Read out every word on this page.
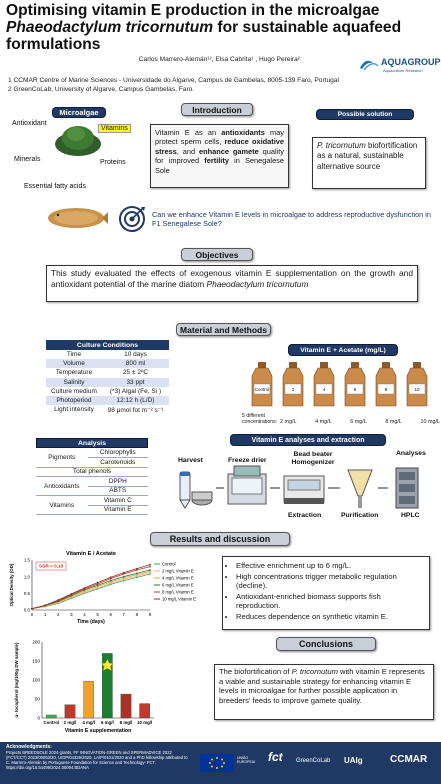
Optimising vitamin E production in the microalgae
Phaeodactylum tricornutum for sustainable aquafeed
formulations
Carlos Marrero-Alemán¹², Elsa Cabrita¹ , Hugo Pereira²	AQUAGROUP
Aquaculture Research
1 CCMAR Centre of Marine Sciences - Universidade do Algarve, Campus de Gambelas, 8005-139 Faro, Portugal
2 GreenCoLab, University of Algarve, Campus Gambelas, Faro.
Microalgae
Antioxidant
Vitamins
Minerals	Proteins
Essential fatty acids
Introduction
Vitamin E as an antioxidants may protect sperm cells, reduce oxidative stress, and enhance gamete quality for improved fertility in Senegalese Sole
Possible solution
P. tricornutum biofortification as a natural, sustainable alternative source
Can we enhance Vitamin E levels in microalgae to address reproductive dysfunction in F1 Senegalese Sole?
Objectives
This study evaluated the effects of exogenous vitamin E supplementation on the growth and antioxidant potential of the marine diatom Phaeodactylum tricornutum
Material and Methods
Culture Conditions	
Time	10 days
Volume	800 ml
Temperature	25 ± 2ºC
Salinity	33 ppt
Culture medium	(*3) Algal (Fe, Si )
Photoperiod	12:12 h (L/D)
Light intensity	98 μmol fot m⁻² s⁻¹
Vitamin E + Acetate (mg/L)
Control	2	4	6	8	10
5 different concentrations: 2 mg/L	4 mg/L	6 mg/L	8 mg/L	10 mg/L
Analysis
Pigments	Chlorophylls
	Carotenoids
Total phenols	
Antioxidants	DPPH
	ABTS
Vitamins	Vitamin C
	Vitamin E
Vitamin E analyses and extraction
Harvest	Freeze drier
Bead beater Homogenizer
Extraction	Purification
Analyses
HPLC
Results and discussion
Vitamin E / Acetate
0.0
0.5
1.0
1.5
0 1 2 3 4 5 6 7 8 9
Time (days)
Optical Density (OD)	SGR = 0,18	Control
2 mg/L Vitamin E
4 mg/L Vitamin E
6 mg/L Vitamin E
8 mg/L Vitamin E
10 mg/L Vitamin E
0
50
100
150
200
Control 2 mg/l 4 mg/l 6 mg/l 8 mg/l 10 mg/l
Vitamin E supplementation
α- tocopherol (mg/100g DW sample)
• Effective enrichment up to 6 mg/L.
• High concentrations trigger metabolic regulation (decline).
• Antioxidant-enriched biomass supports fish reproduction.
• Reduces dependence on synthetic vitamin E.
Conclusions
The biofortification of P. tricornutum with vitamin E represents a viable and sustainable strategy for enhancing vitamin E levels in microalgae for further possible application in breeders' feeds to improve gamete quality.
Acknowledgments:
Projects BREEDSOLE 2024 grants, FF INNOVATION-GREEN and SPERMADVICE 2022 (FCT/CCT) 2023/00053/20, UIDP/04326/2020, LA/P/0101/2020 and a PhD fellowship attributed to C. Marrero-Alemán by Portuguese Foundation for Science and Technology- FCT.
https://doi.org/10.54499/2024.00094.BDANA
UNIÃO EUROPEIA	fct GreenCoLab UAlg	CCMAR
